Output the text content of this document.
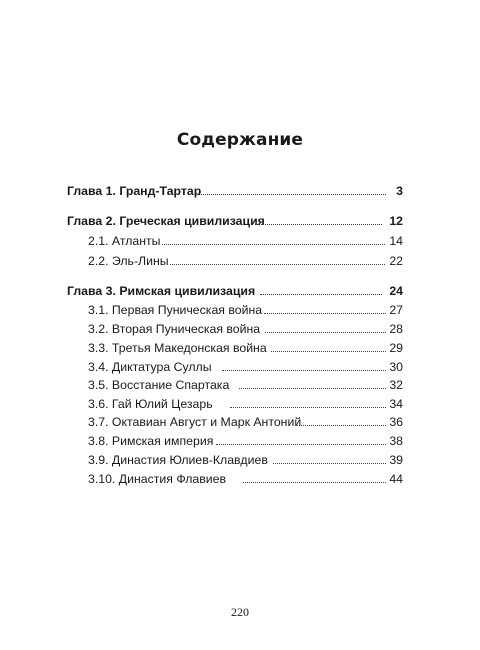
Содержание
Глава 1. Гранд-Тартар	3
Глава 2. Греческая цивилизация	12
2.1. Атланты	14
2.2. Эль-Лины	22
Глава 3. Римская цивилизация	24
3.1. Первая Пуническая война	27
3.2. Вторая Пуническая война	28
3.3. Третья Македонская война	29
3.4. Диктатура Суллы	30
3.5. Восстание Спартака	32
3.6. Гай Юлий Цезарь	34
3.7. Октавиан Август и Марк Антоний	36
3.8. Римская империя	38
3.9. Династия Юлиев-Клавдиев	39
3.10. Династия Флавиев	44
220
